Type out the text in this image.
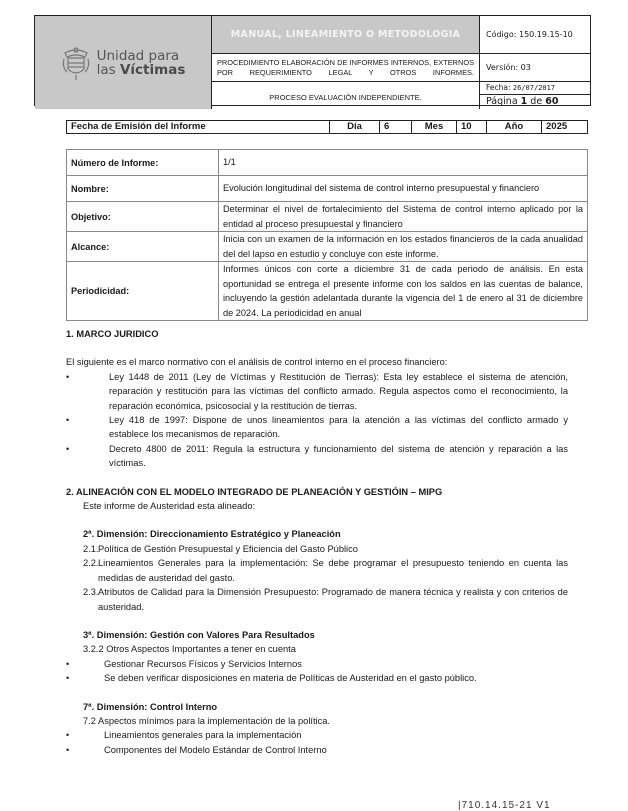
Unidad para
las Víctimas
MANUAL, LINEAMIENTO O METODOLOGIA	Código: 150.19.15-10
PROCEDIMIENTO ELABORACIÓN DE INFORMES INTERNOS, EXTERNOS POR REQUERIMIENTO LEGAL Y OTROS INFORMES.
Versión: 03
PROCESO EVALUACIÒN INDEPENDIENTE.
Fecha: 26/07/2017
Página 1 de 60
Fecha de Emisión del Informe	Día	6	Mes	10	Año	2025
Número de Informe:	1/1
Nombre:	Evolución longitudinal del sistema de control interno presupuestal y financiero
Objetivo:	Determinar el nivel de fortalecimiento del Sistema de control interno aplicado por la entidad al proceso presupuestal y financiero
Alcance:	Inicia con un examen de la información en los estados financieros de la cada anualidad del del lapso en estudio y concluye con este informe.
Periodicidad:	Informes únicos con corte a diciembre 31 de cada periodo de análisis. En esta oportunidad se entrega el presente informe con los saldos en las cuentas de balance, incluyendo la gestión adelantada durante la vigencia del 1 de enero al 31 de diciembre de 2024. La periodicidad en anual

1. MARCO JURIDICO

El siguiente es el marco normativo con el análisis de control interno en el proceso financiero:

•	Ley 1448 de 2011 (Ley de Víctimas y Restitución de Tierras): Esta ley establece el sistema de atención, reparación y restitución para las víctimas del conflicto armado. Regula aspectos como el reconocimiento, la reparación económica, psicosocial y la restitución de tierras.
•	Ley 418 de 1997: Dispone de unos lineamientos para la atención a las víctimas del conflicto armado y establece los mecanismos de reparación.
•	Decreto 4800 de 2011: Regula la estructura y funcionamiento del sistema de atención y reparación a las víctimas.

2. ALINEACIÓN CON EL MODELO INTEGRADO DE PLANEACIÓN Y GESTIÓIN – MIPG

Este informe de Austeridad esta alineado:

2ª. Dimensión: Direccionamiento Estratégico y Planeación

2.1. Política de Gestión Presupuestal y Eficiencia del Gasto Público
2.2. Lineamientos Generales para la implementación: Se debe programar el presupuesto teniendo en cuenta las medidas de austeridad del gasto.
2.3. Atributos de Calidad para la Dimensión Presupuesto: Programado de manera técnica y realista y con criterios de austeridad.

3ª. Dimensión: Gestión con Valores Para Resultados

3.2.2 Otros Aspectos Importantes a tener en cuenta

•	Gestionar Recursos Físicos y Servicios Internos
•	Se deben verificar disposiciones en materia de Políticas de Austeridad en el gasto público.

7ª. Dimensión: Control Interno

7.2 Aspectos mínimos para la implementación de la política.

•	Lineamientos generales para la implementación
•	Componentes del Modelo Estándar de Control Interno
|710.14.15-21 V1
